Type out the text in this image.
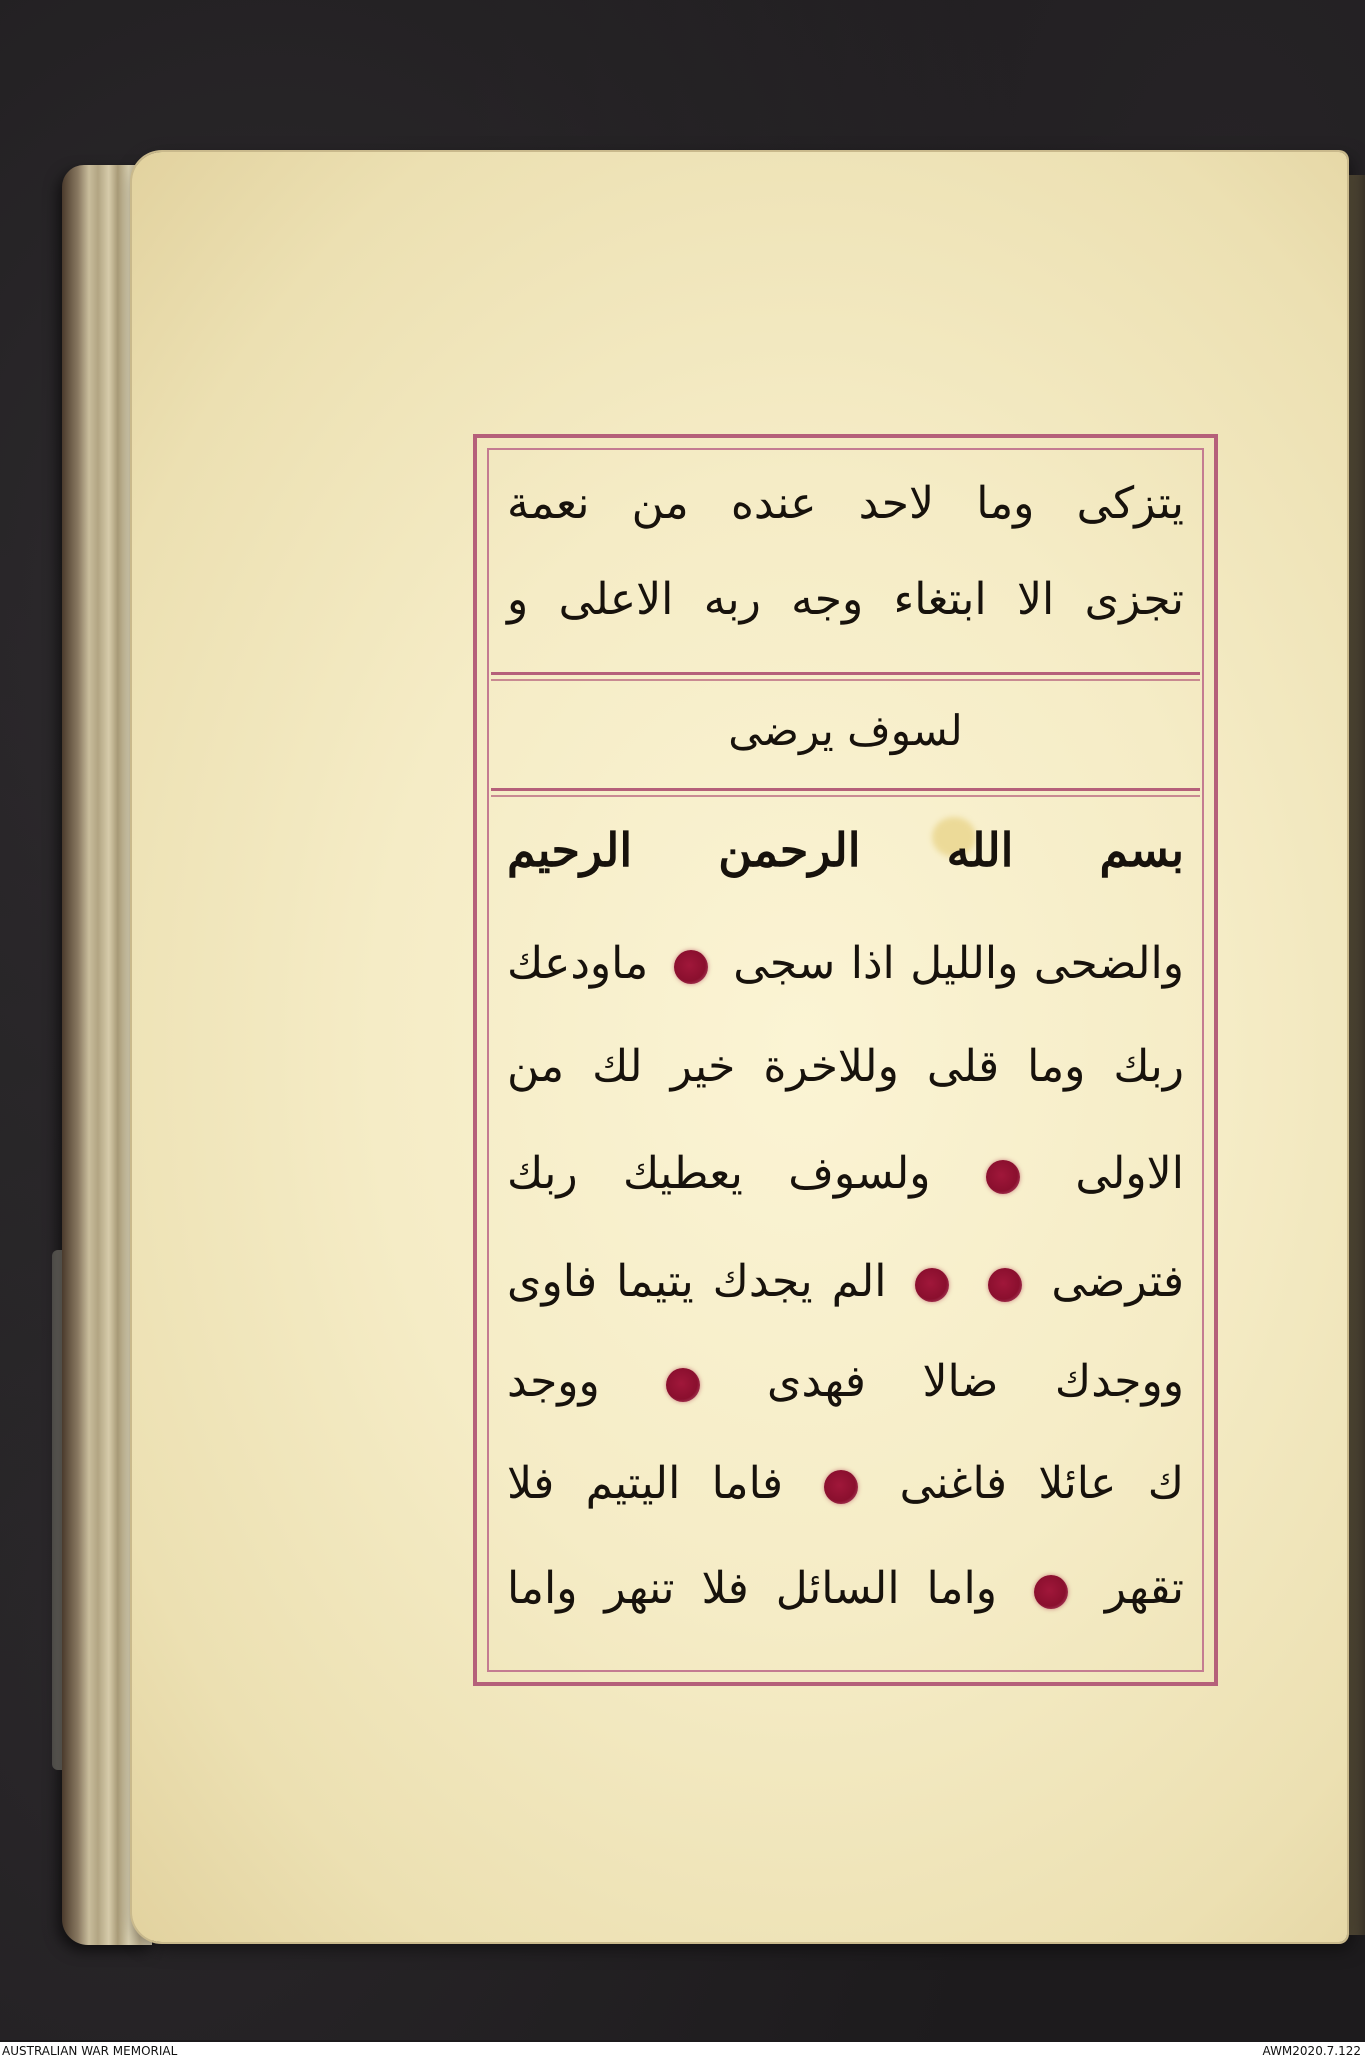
يتزكى وما لاحد عنده من نعمة
تجزى الا ابتغاء وجه ربه الاعلى و
لسوف يرضى
بسم الله الرحمن الرحيم
والضحى والليل اذا سجى  ماودعك
ربك وما قلى وللاخرة خير لك من
الاولى  ولسوف يعطيك ربك
فترضى   الم يجدك يتيما فاوى
ووجدك ضالا فهدى  ووجد
ك عائلا فاغنى  فاما اليتيم فلا
تقهر  واما السائل فلا تنهر واما
AUSTRALIAN WAR MEMORIAL	AWM2020.7.122
